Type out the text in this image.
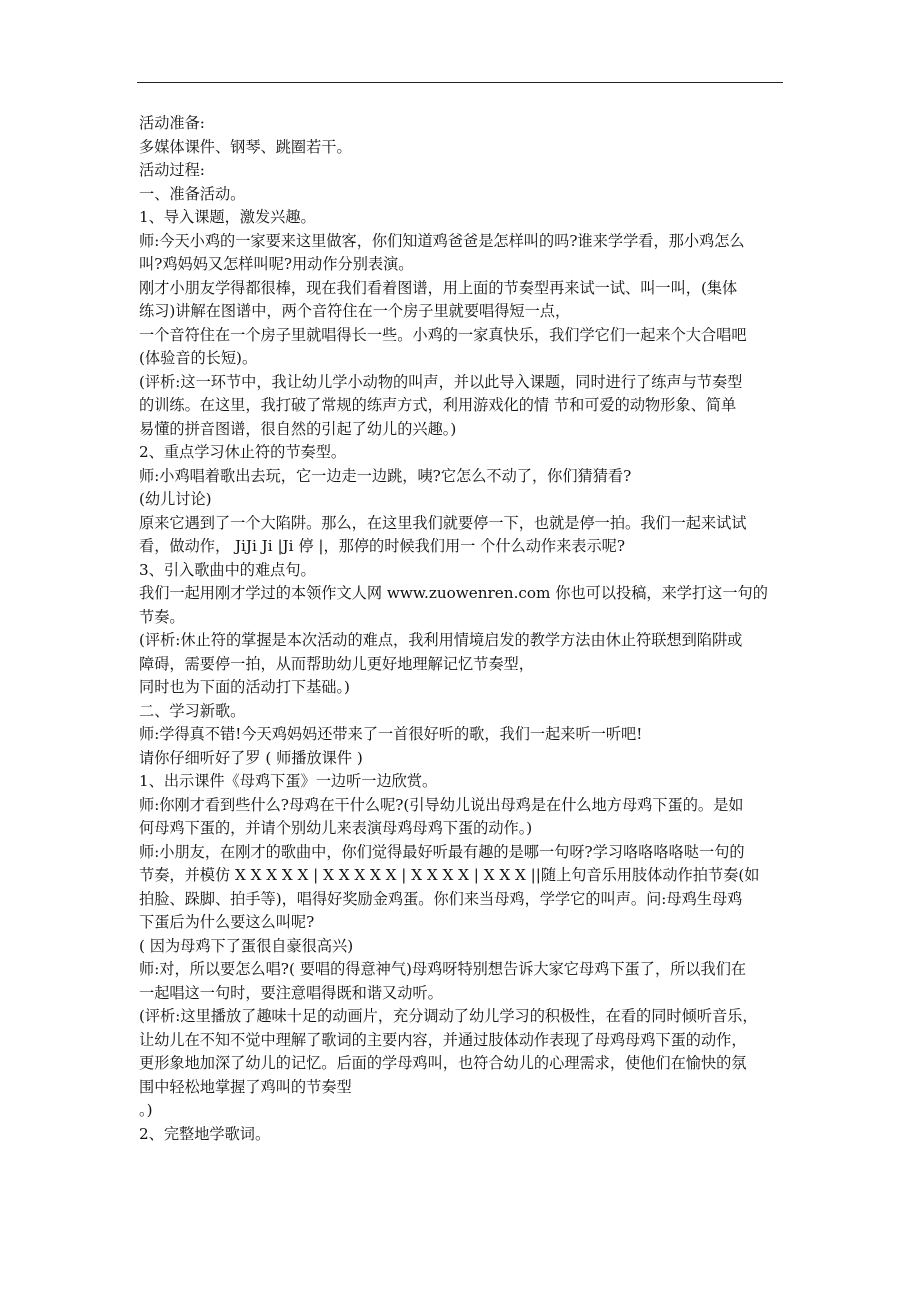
活动准备:
多媒体课件、钢琴、跳圈若干。
活动过程:
一、准备活动。
1、导入课题，激发兴趣。
师:今天小鸡的一家要来这里做客，你们知道鸡爸爸是怎样叫的吗?谁来学学看，那小鸡怎么
叫?鸡妈妈又怎样叫呢?用动作分别表演。
刚才小朋友学得都很棒，现在我们看着图谱，用上面的节奏型再来试一试、叫一叫，(集体
练习)讲解在图谱中，两个音符住在一个房子里就要唱得短一点，
一个音符住在一个房子里就唱得长一些。小鸡的一家真快乐，我们学它们一起来个大合唱吧
(体验音的长短)。
(评析:这一环节中，我让幼儿学小动物的叫声，并以此导入课题，同时进行了练声与节奏型
的训练。在这里，我打破了常规的练声方式，利用游戏化的情 节和可爱的动物形象、简单
易懂的拼音图谱，很自然的引起了幼儿的兴趣。)
2、重点学习休止符的节奏型。
师:小鸡唱着歌出去玩，它一边走一边跳，咦?它怎么不动了，你们猜猜看?
(幼儿讨论)
原来它遇到了一个大陷阱。那么，在这里我们就要停一下，也就是停一拍。我们一起来试试
看，做动作， JiJi Ji |Ji 停 |，那停的时候我们用一 个什么动作来表示呢?
3、引入歌曲中的难点句。
我们一起用刚才学过的本领作文人网 www.zuowenren.com 你也可以投稿，来学打这一句的
节奏。
(评析:休止符的掌握是本次活动的难点，我利用情境启发的教学方法由休止符联想到陷阱或
障碍，需要停一拍，从而帮助幼儿更好地理解记忆节奏型，
同时也为下面的活动打下基础。)
二、学习新歌。
师:学得真不错!今天鸡妈妈还带来了一首很好听的歌，我们一起来听一听吧!
请你仔细听好了罗 ( 师播放课件 )
1、出示课件《母鸡下蛋》一边听一边欣赏。
师:你刚才看到些什么?母鸡在干什么呢?(引导幼儿说出母鸡是在什么地方母鸡下蛋的。是如
何母鸡下蛋的，并请个别幼儿来表演母鸡母鸡下蛋的动作。)
师:小朋友，在刚才的歌曲中，你们觉得最好听最有趣的是哪一句呀?学习咯咯咯咯哒一句的
节奏，并模仿 X X X X X | X X X X X | X X X X | X X X ||随上句音乐用肢体动作拍节奏(如
拍脸、跺脚、拍手等)，唱得好奖励金鸡蛋。你们来当母鸡，学学它的叫声。问:母鸡生母鸡
下蛋后为什么要这么叫呢?
( 因为母鸡下了蛋很自豪很高兴)
师:对，所以要怎么唱?( 要唱的得意神气)母鸡呀特别想告诉大家它母鸡下蛋了，所以我们在
一起唱这一句时，要注意唱得既和谐又动听。
(评析:这里播放了趣味十足的动画片，充分调动了幼儿学习的积极性，在看的同时倾听音乐，
让幼儿在不知不觉中理解了歌词的主要内容，并通过肢体动作表现了母鸡母鸡下蛋的动作，
更形象地加深了幼儿的记忆。后面的学母鸡叫，也符合幼儿的心理需求，使他们在愉快的氛
围中轻松地掌握了鸡叫的节奏型
。)
2、完整地学歌词。
